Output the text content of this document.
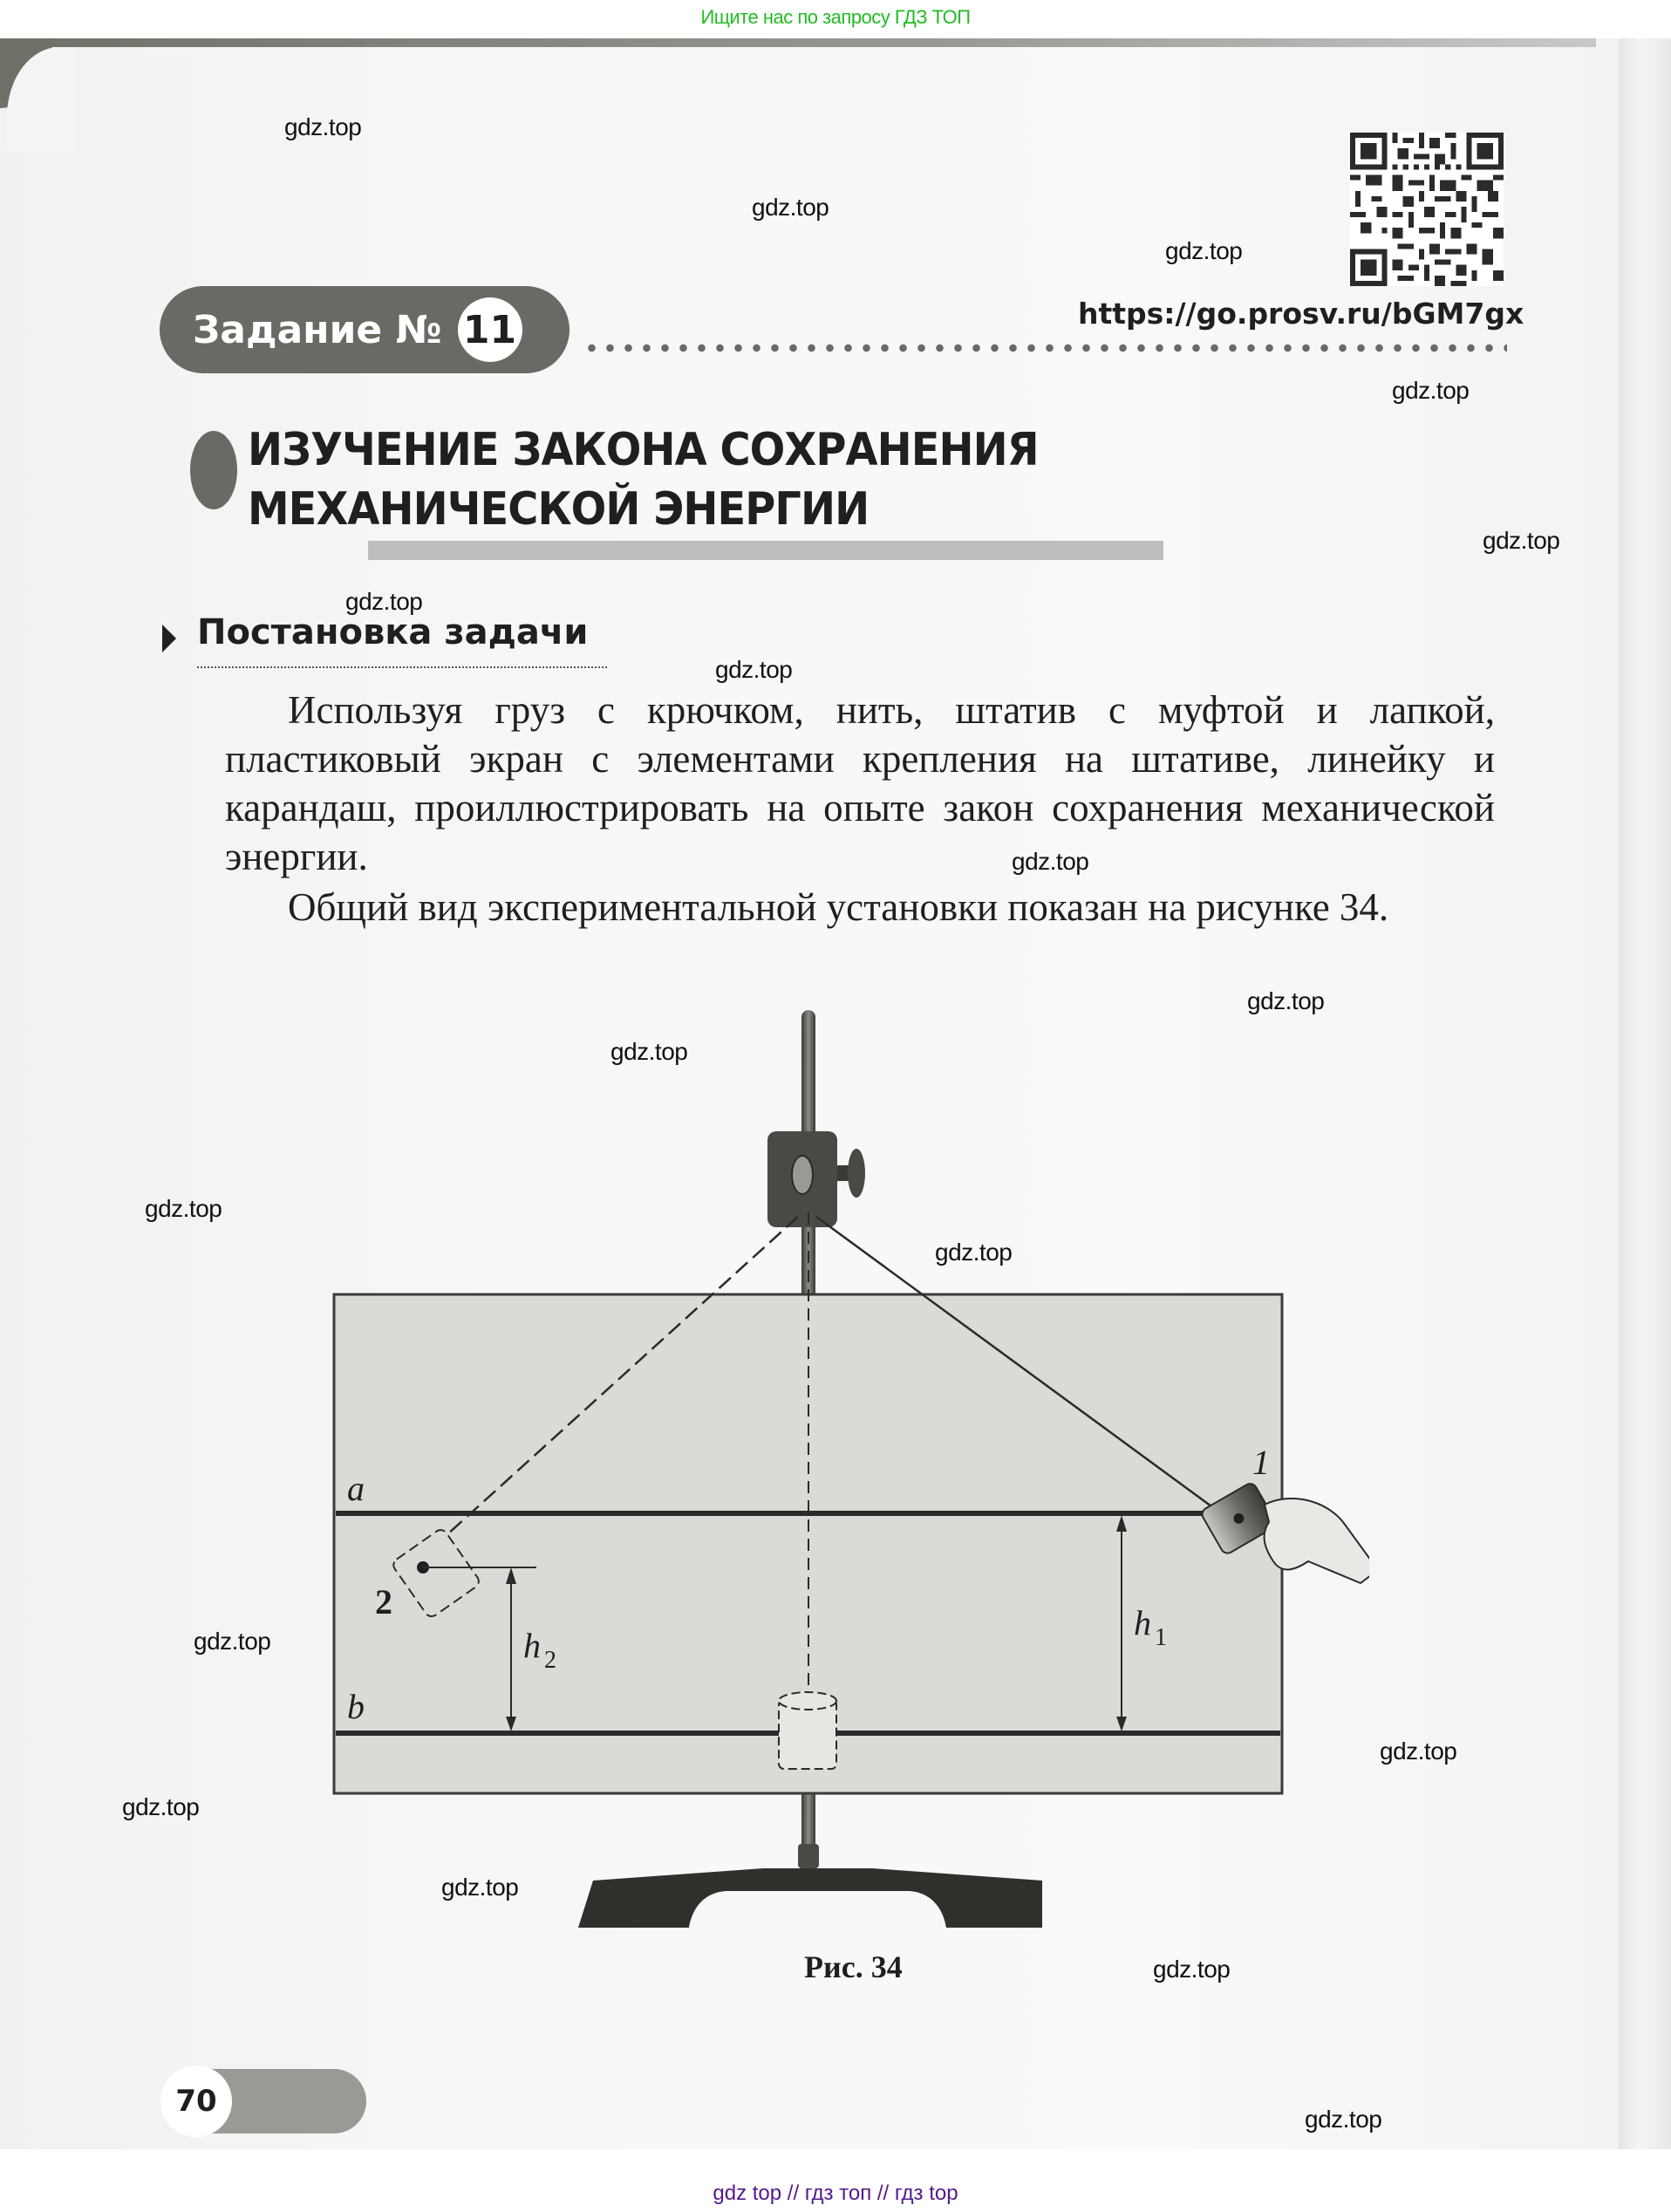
Ищите нас по запросу ГДЗ ТОП
Задание № 11	https://go.prosv.ru/bGM7gx
ИЗУЧЕНИЕ ЗАКОНА СОХРАНЕНИЯ
МЕХАНИЧЕСКОЙ ЭНЕРГИИ
Постановка задачи
Используя груз с крючком, нить, штатив с муфтой и лапкой, пластиковый экран с элементами крепления на штативе, линейку и карандаш, проиллюстрировать на опыте закон сохранения механической энергии.
Общий вид экспериментальной установки показан на рисунке 34.
gdz.top
gdz.top
gdz.top
gdz.top
gdz.top
gdz.top
gdz.top
gdz.top
gdz.top
gdz.top
gdz.top
gdz.top
gdz.top
gdz.top
gdz.top
gdz.top
gdz.top
gdz.top
a
b
2
h 2
h 1
1
Рис. 34
70
gdz top // гдз топ // гдз top
